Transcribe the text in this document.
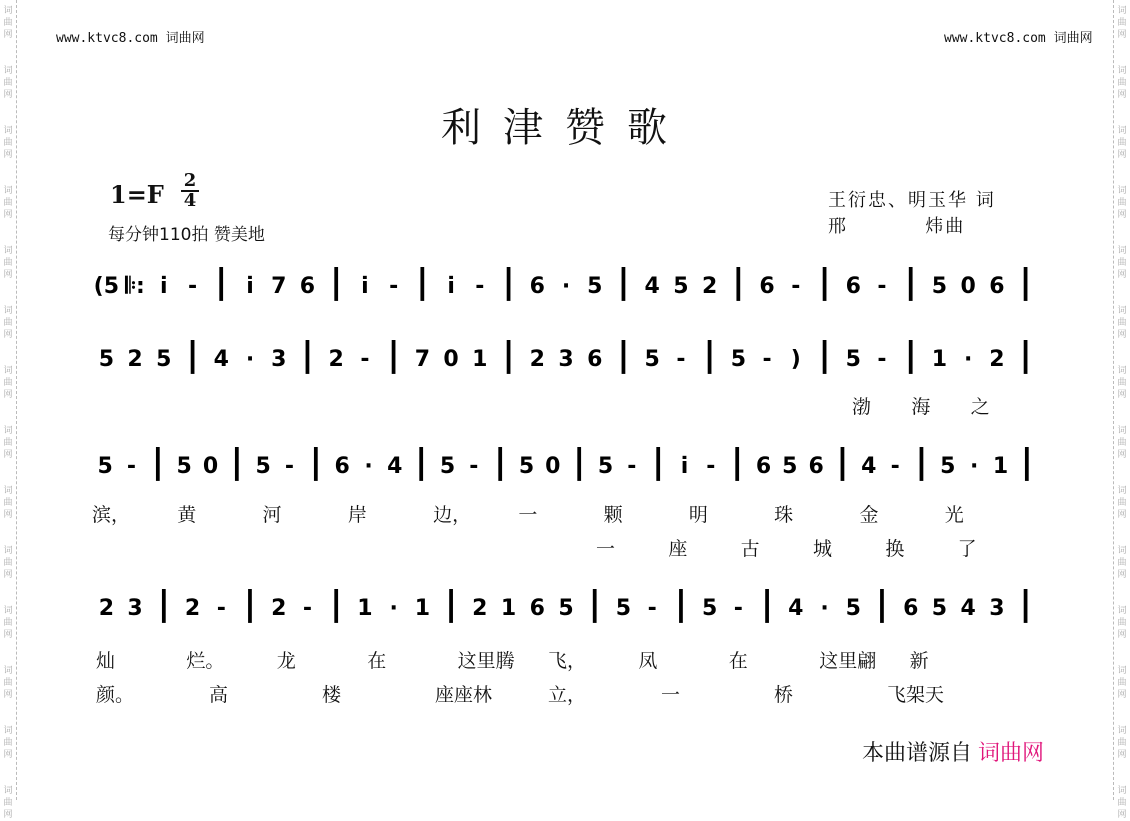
词
曲
网
词
曲
网
词
曲
网
词
曲
网
词
曲
网
词
曲
网
词
曲
网
词
曲
网
词
曲
网
词
曲
网
词
曲
网
词
曲
网
词
曲
网
词
曲
网
词
曲
网
词
曲
网
词
曲
网
词
曲
网
词
曲
网
词
曲
网
词
曲
网
词
曲
网
词
曲
网
词
曲
网
词
曲
网
词
曲
网
词
曲
网
词
曲
网
www.ktvc8.com 词曲网	www.ktvc8.com 词曲网
利津赞歌
1=F 2
4
每分钟110拍 赞美地
王衍忠、明玉华 词
邢          炜曲
(5 𝄆: i̇ - | i̇ 7 6 | i̇ - | i̇ - | 6 · 5 | 4 5 2 | 6 - | 6 - | 5 0 6 |
5 2 5 | 4 · 3 | 2 - | 7 0 1 | 2 3 6 | 5 - | 5 - ) | 5 - | 1 · 2 |
5 - | 5 0 | 5 - | 6 · 4 | 5 - | 5 0 | 5 - | i̇ - | 6 5 6 | 4 - | 5 · 1 |
2 3 | 2 - | 2 - | 1 · 1 | 2 1 6 5 | 5 - | 5 - | 4 · 5 | 6 5 4 3 |
渤 海 之
滨， 黄	河	岸	边， 一	颗	明	珠	金	光
一	座	古	城	换	了
灿	烂。	龙	在	这里腾 飞，	凤	在	这里翩 新
颜。	高	楼	座座林	立，	一	桥	飞架天
本曲谱源自 词曲网
